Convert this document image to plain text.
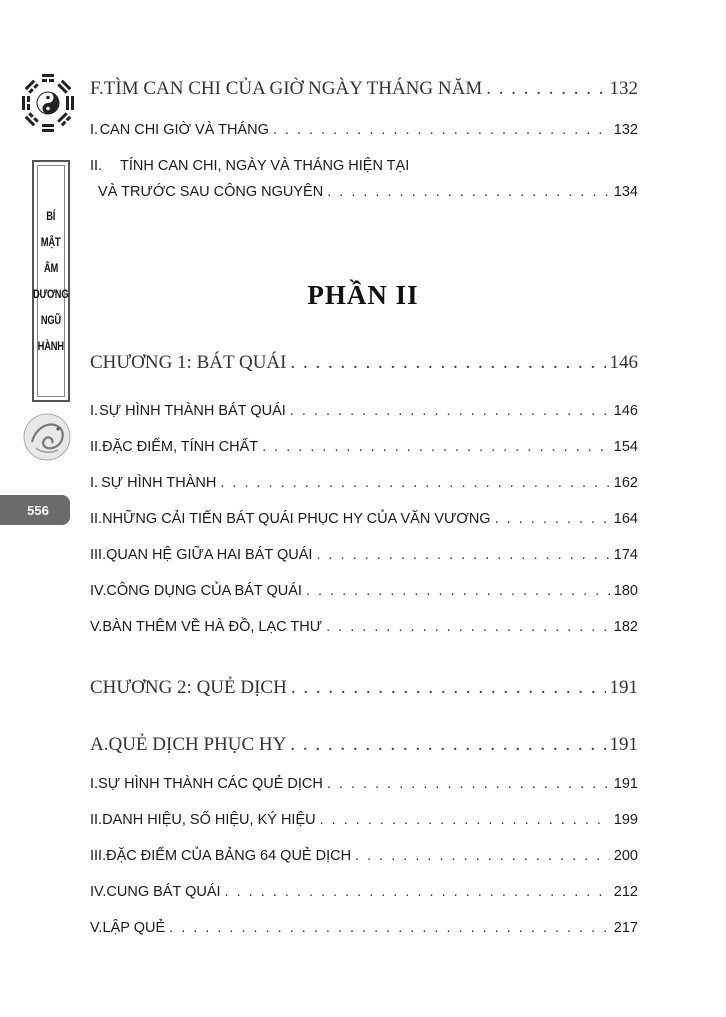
BÍ
MẬT
ÂM
DƯƠNG
NGŨ
HÀNH
556
F. TÌM CAN CHI CỦA GIỜ NGÀY THÁNG NĂM . . .	132
I. CAN CHI GIỜ VÀ THÁNG . . .	132
II.	TÍNH CAN CHI, NGÀY VÀ THÁNG HIỆN TẠI
VÀ TRƯỚC SAU CÔNG NGUYÊN . . .	134
PHẦN II
CHƯƠNG 1: BÁT QUÁI . . .	146
I. SỰ HÌNH THÀNH BÁT QUÁI . . .	146
II. ĐẶC ĐIỂM, TÍNH CHẤT . . .	154
I. SỰ HÌNH THÀNH . . .	162
II. NHỮNG CẢI TIẾN BÁT QUÁI PHỤC HY CỦA VĂN VƯƠNG . . .	164
III. QUAN HỆ GIỮA HAI BÁT QUÁI . . .	174
IV. CÔNG DỤNG CỦA BÁT QUÁI . . .	180
V. BÀN THÊM VỀ HÀ ĐỒ, LẠC THƯ . . .	182
CHƯƠNG 2: QUẺ DỊCH . . .	191
A. QUẺ DỊCH PHỤC HY . . .	191
I. SỰ HÌNH THÀNH CÁC QUẺ DỊCH . . .	191
II. DANH HIỆU, SỐ HIỆU, KÝ HIỆU . . .	199
III. ĐẶC ĐIỂM CỦA BẢNG 64 QUẺ DỊCH . . .	200
IV. CUNG BÁT QUÁI . . .	212
V. LẬP QUẺ . . .	217
